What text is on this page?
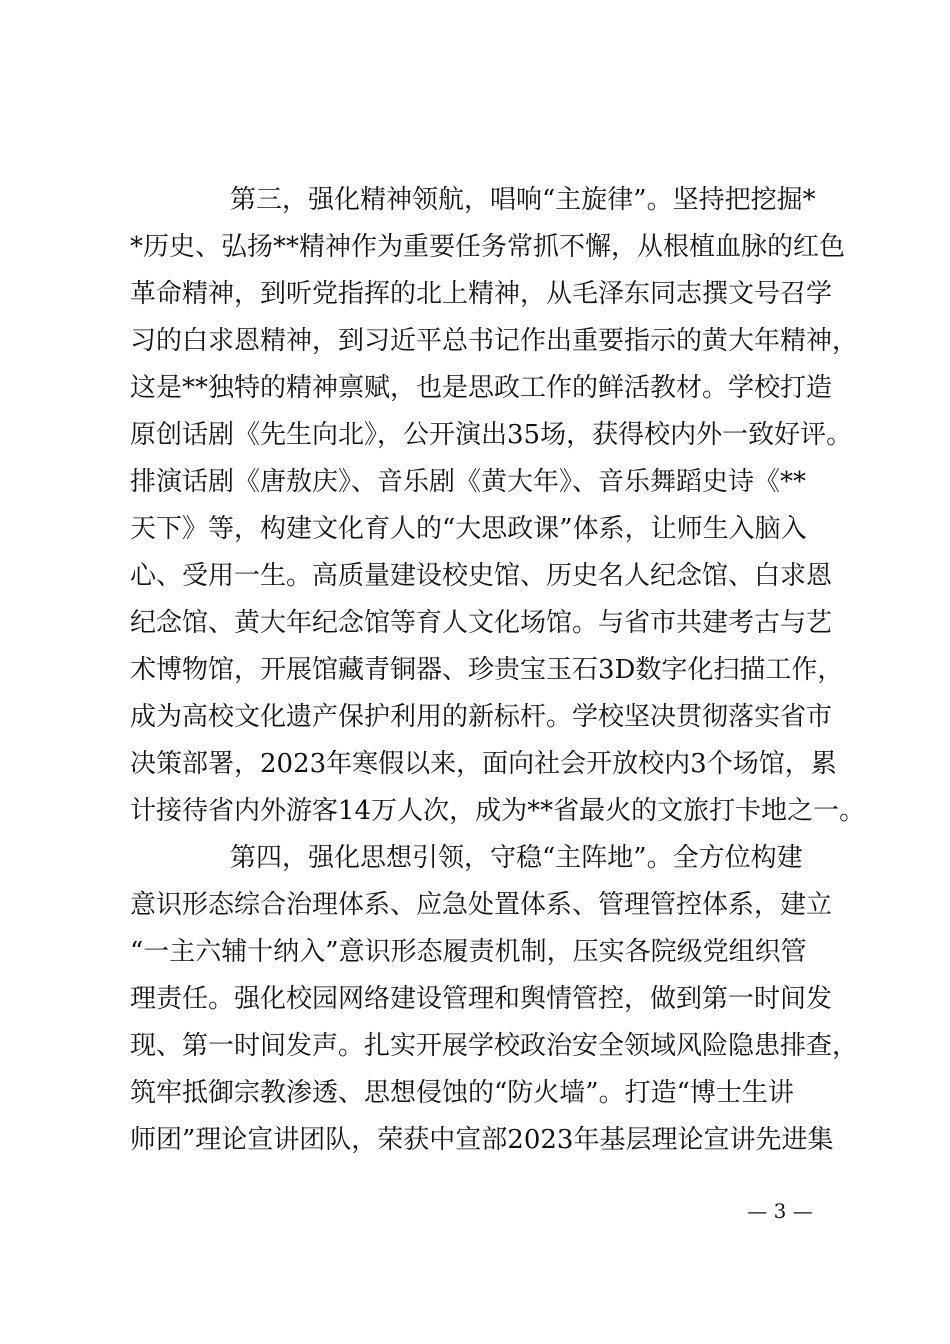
第三，强化精神领航，唱响“主旋律”。坚持把挖掘*
*历史、弘扬**精神作为重要任务常抓不懈，从根植血脉的红色
革命精神，到听党指挥的北上精神，从毛泽东同志撰文号召学
习的白求恩精神，到习近平总书记作出重要指示的黄大年精神，
这是**独特的精神禀赋，也是思政工作的鲜活教材。学校打造
原创话剧《先生向北》，公开演出35场，获得校内外一致好评。
排演话剧《唐敖庆》、音乐剧《黄大年》、音乐舞蹈史诗《**
天下》等，构建文化育人的“大思政课”体系，让师生入脑入
心、受用一生。高质量建设校史馆、历史名人纪念馆、白求恩
纪念馆、黄大年纪念馆等育人文化场馆。与省市共建考古与艺
术博物馆，开展馆藏青铜器、珍贵宝玉石3D数字化扫描工作，
成为高校文化遗产保护利用的新标杆。学校坚决贯彻落实省市
决策部署，2023年寒假以来，面向社会开放校内3个场馆，累
计接待省内外游客14万人次，成为**省最火的文旅打卡地之一。
第四，强化思想引领，守稳“主阵地”。全方位构建
意识形态综合治理体系、应急处置体系、管理管控体系，建立
“一主六辅十纳入”意识形态履责机制，压实各院级党组织管
理责任。强化校园网络建设管理和舆情管控，做到第一时间发
现、第一时间发声。扎实开展学校政治安全领域风险隐患排查，
筑牢抵御宗教渗透、思想侵蚀的“防火墙”。打造“博士生讲
师团”理论宣讲团队，荣获中宣部2023年基层理论宣讲先进集
— 3 —
